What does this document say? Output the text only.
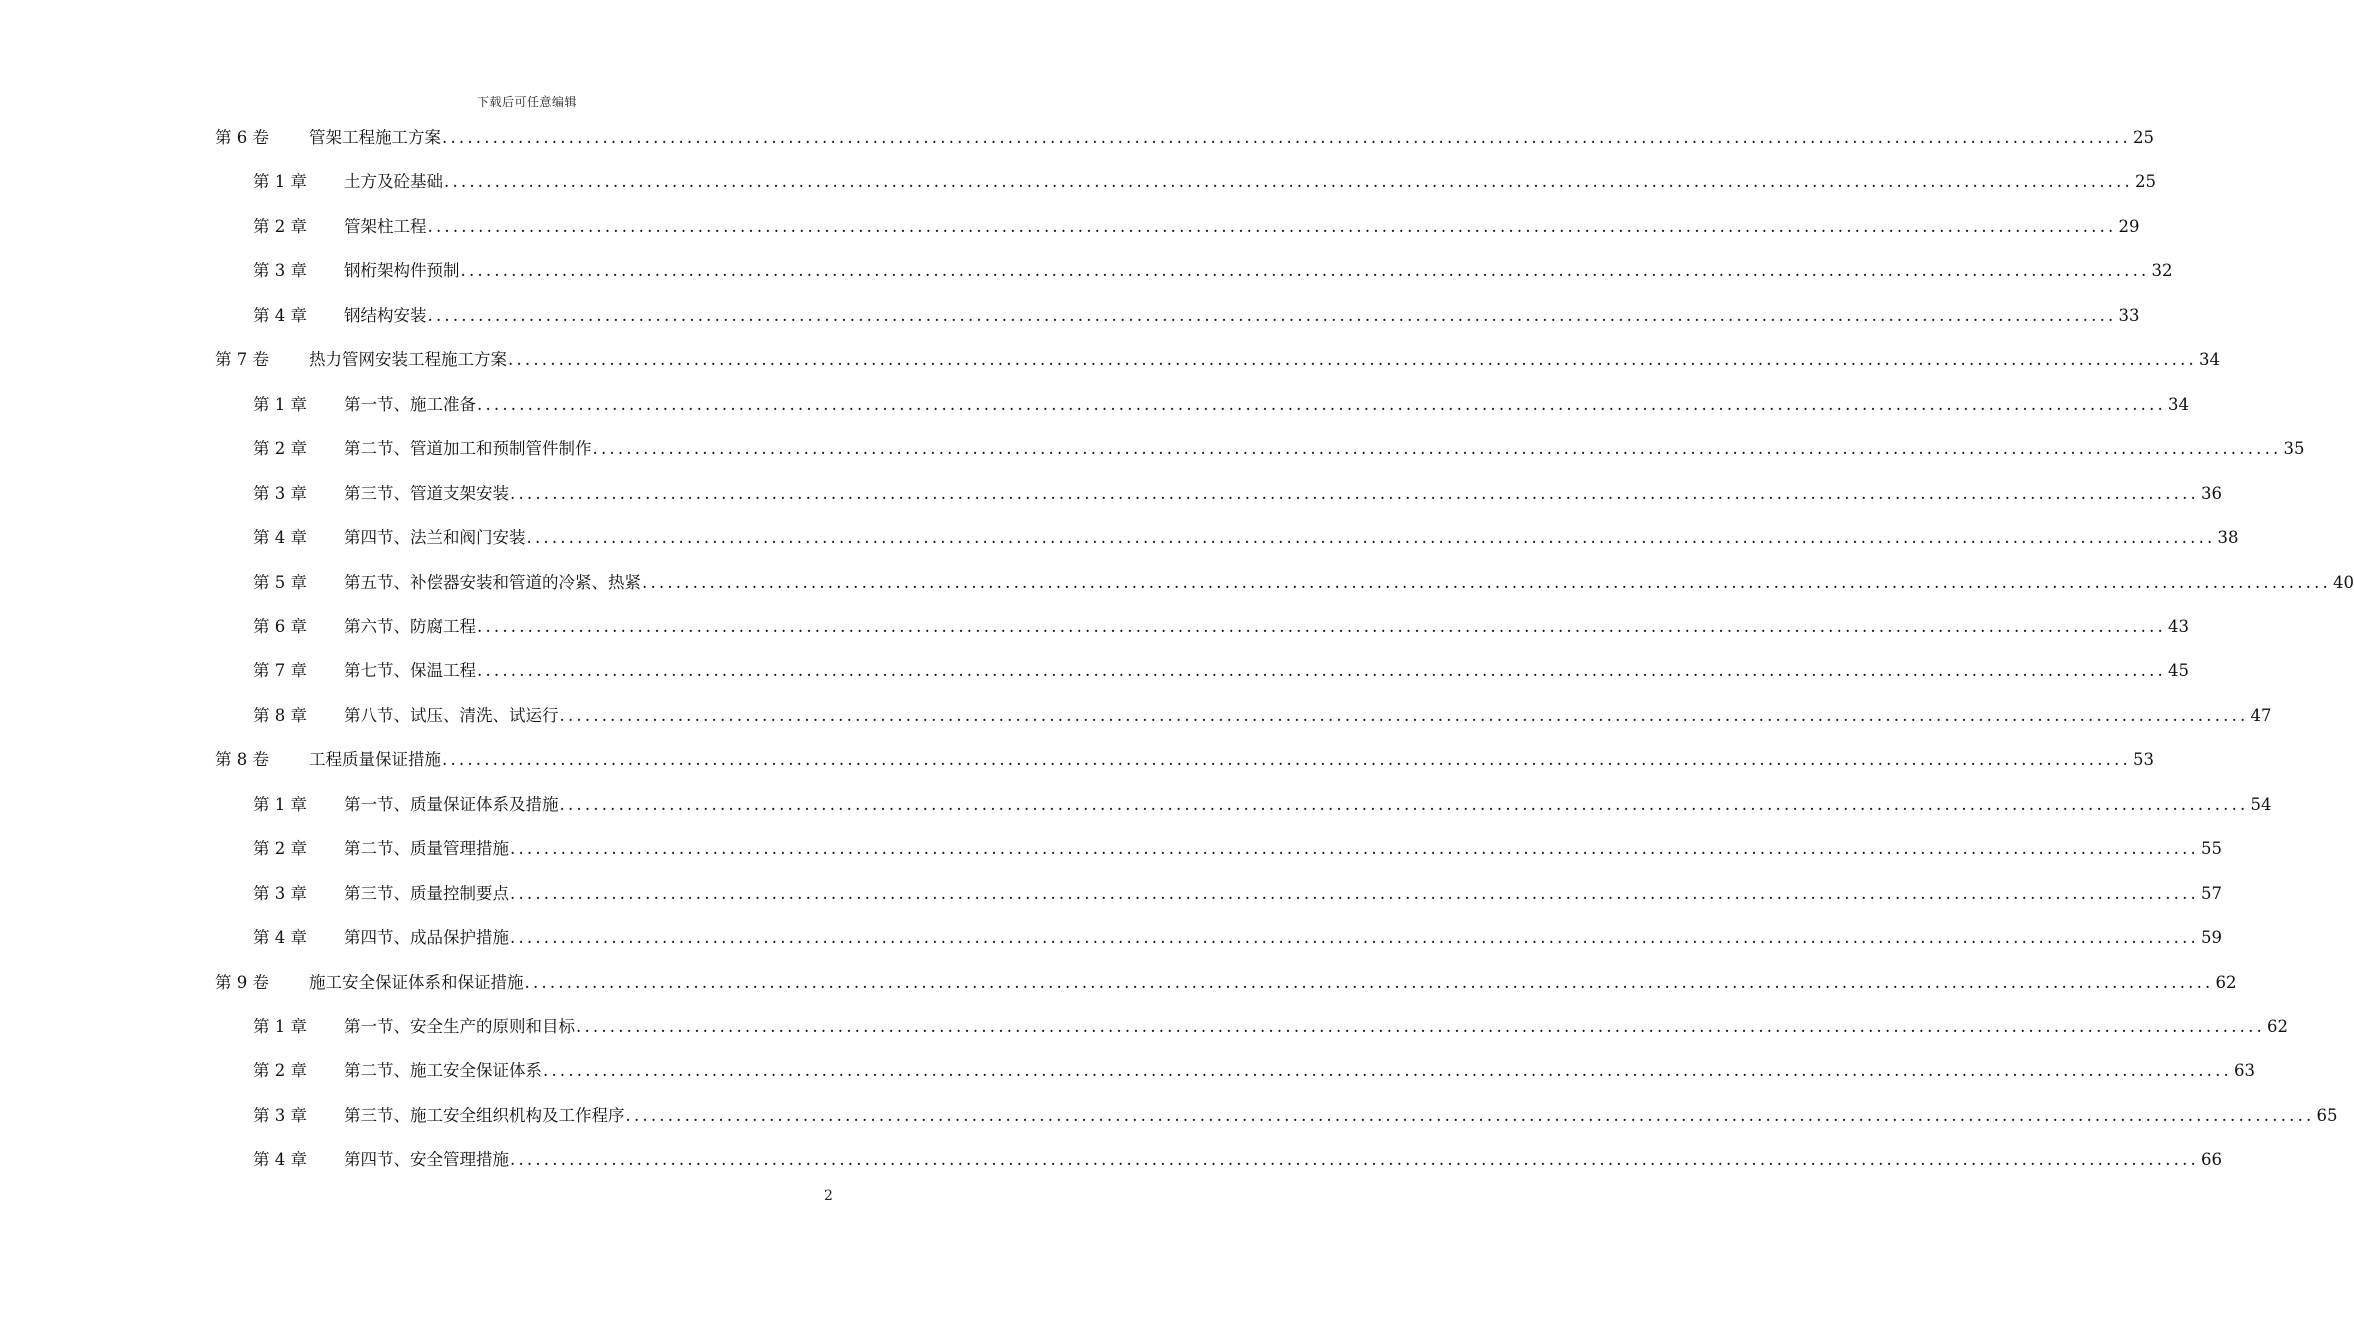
下载后可任意编辑
第 6 卷 管架工程施工方案 ........................................................................................................................................................................................................ 25
第 1 章 土方及砼基础 ........................................................................................................................................................................................................ 25
第 2 章 管架柱工程 ........................................................................................................................................................................................................ 29
第 3 章 钢桁架构件预制 ........................................................................................................................................................................................................ 32
第 4 章 钢结构安装 ........................................................................................................................................................................................................ 33
第 7 卷 热力管网安装工程施工方案 ........................................................................................................................................................................................................ 34
第 1 章 第一节、施工准备 ........................................................................................................................................................................................................ 34
第 2 章 第二节、管道加工和预制管件制作 ........................................................................................................................................................................................................ 35
第 3 章 第三节、管道支架安装 ........................................................................................................................................................................................................ 36
第 4 章 第四节、法兰和阀门安装 ........................................................................................................................................................................................................ 38
第 5 章 第五节、补偿器安装和管道的冷紧、热紧 ........................................................................................................................................................................................................ 40
第 6 章 第六节、防腐工程 ........................................................................................................................................................................................................ 43
第 7 章 第七节、保温工程 ........................................................................................................................................................................................................ 45
第 8 章 第八节、试压、清洗、试运行 ........................................................................................................................................................................................................ 47
第 8 卷 工程质量保证措施 ........................................................................................................................................................................................................ 53
第 1 章 第一节、质量保证体系及措施 ........................................................................................................................................................................................................ 54
第 2 章 第二节、质量管理措施 ........................................................................................................................................................................................................ 55
第 3 章 第三节、质量控制要点 ........................................................................................................................................................................................................ 57
第 4 章 第四节、成品保护措施 ........................................................................................................................................................................................................ 59
第 9 卷 施工安全保证体系和保证措施 ........................................................................................................................................................................................................ 62
第 1 章 第一节、安全生产的原则和目标 ........................................................................................................................................................................................................ 62
第 2 章 第二节、施工安全保证体系 ........................................................................................................................................................................................................ 63
第 3 章 第三节、施工安全组织机构及工作程序 ........................................................................................................................................................................................................ 65
第 4 章 第四节、安全管理措施 ........................................................................................................................................................................................................ 66
2
